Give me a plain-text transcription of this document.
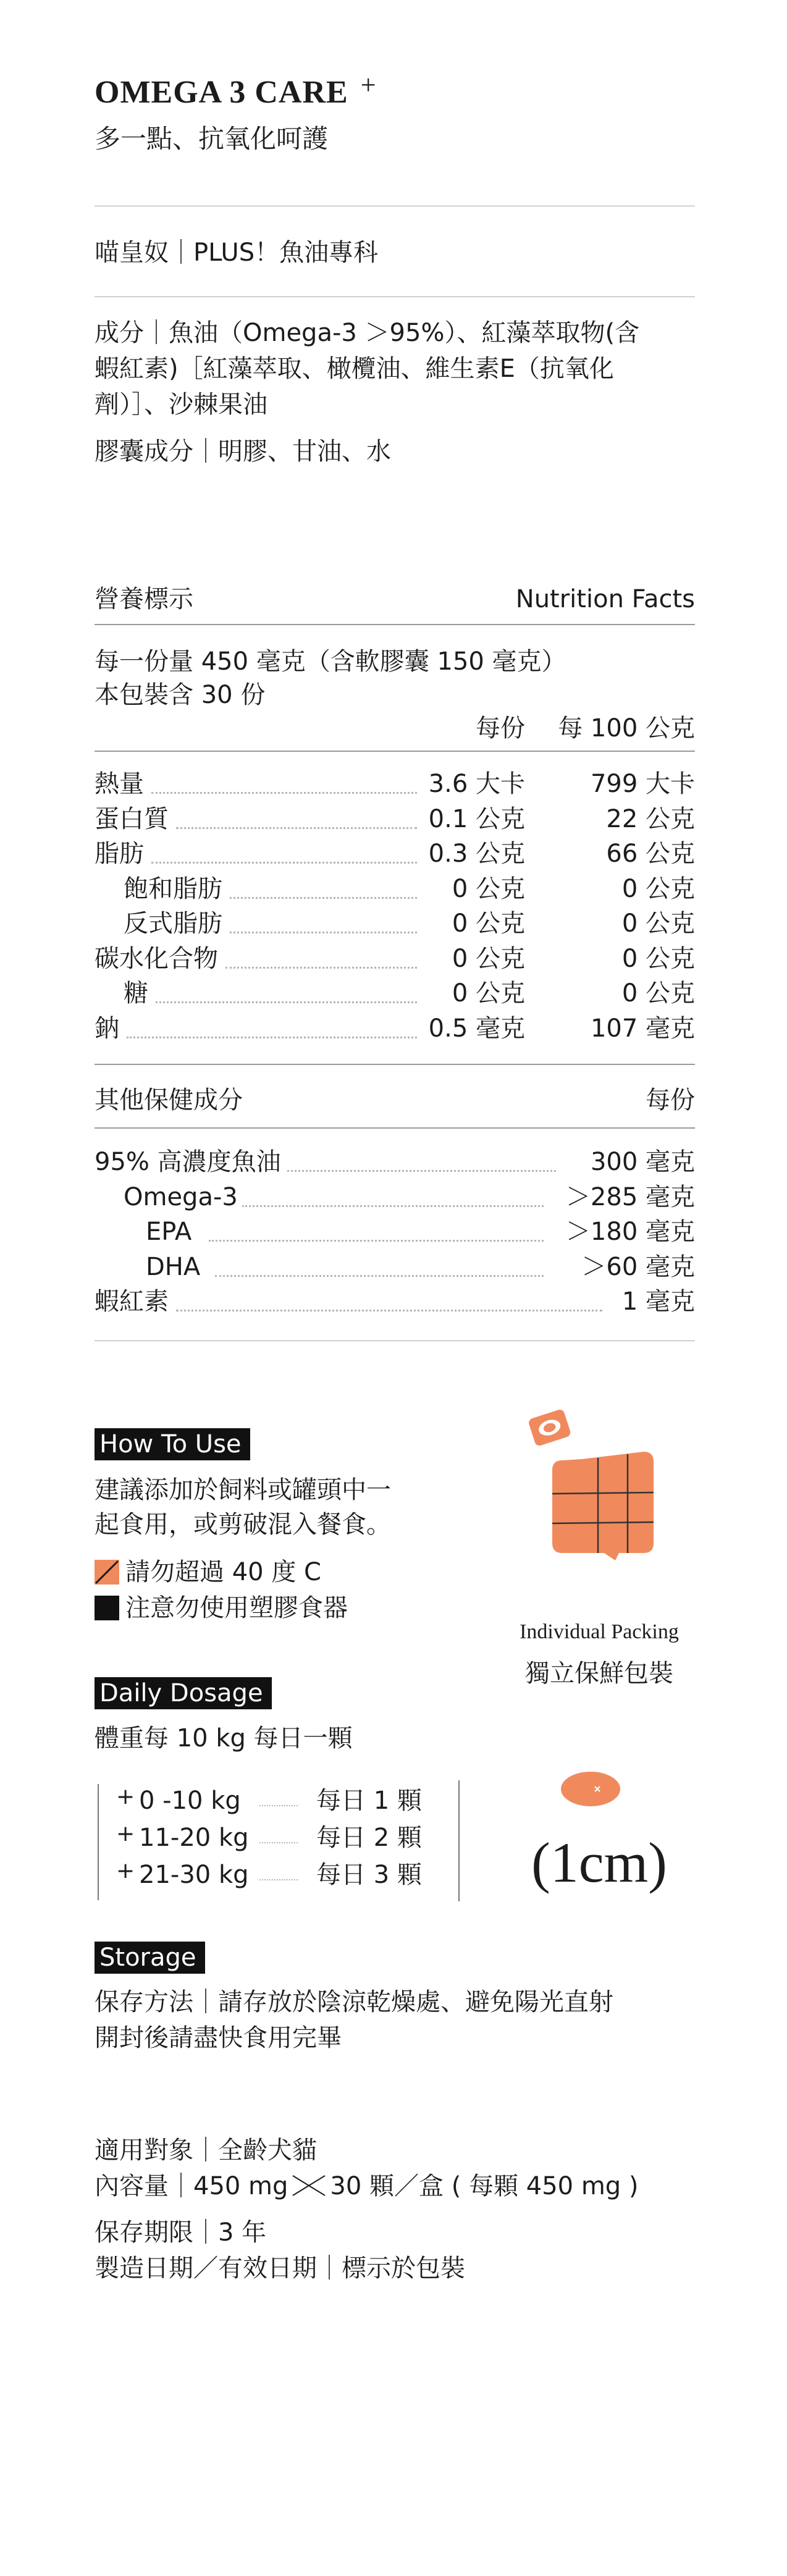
OMEGA 3 CARE +
多一點、抗氧化呵護
喵皇奴｜PLUS！魚油專科
成分｜魚油（Omega-3 ＞95%）、紅藻萃取物(含
蝦紅素)［紅藻萃取、橄欖油、維生素E（抗氧化
劑）］、沙棘果油
膠囊成分｜明膠、甘油、水
營養標示	Nutrition Facts
每一份量 450 毫克（含軟膠囊 150 毫克）
本包裝含 30 份
每份	每 100 公克
熱量	3.6 大卡	799 大卡
蛋白質	0.1 公克	22 公克
脂肪	0.3 公克	66 公克
飽和脂肪	0 公克	0 公克
反式脂肪	0 公克	0 公克
碳水化合物	0 公克	0 公克
糖	0 公克	0 公克
鈉	0.5 毫克	107 毫克
其他保健成分	每份
95% 高濃度魚油	300 毫克
Omega-3	＞285 毫克
EPA	＞180 毫克
DHA	＞60 毫克
蝦紅素	1 毫克
How To Use
建議添加於飼料或罐頭中一
起食用，或剪破混入餐食。
請勿超過 40 度 C
注意勿使用塑膠食器
Individual Packing
獨立保鮮包裝
Daily Dosage
體重每 10 kg 每日一顆
+ 0 -10 kg	每日 1 顆
+ 11-20 kg	每日 2 顆
+ 21-30 kg	每日 3 顆	(1cm)
Storage
保存方法｜請存放於陰涼乾燥處、避免陽光直射
開封後請盡快食用完畢
適用對象｜全齡犬貓
內容量｜450 mg 30 顆／盒 ( 每顆 450 mg )
保存期限｜3 年
製造日期／有效日期｜標示於包裝
